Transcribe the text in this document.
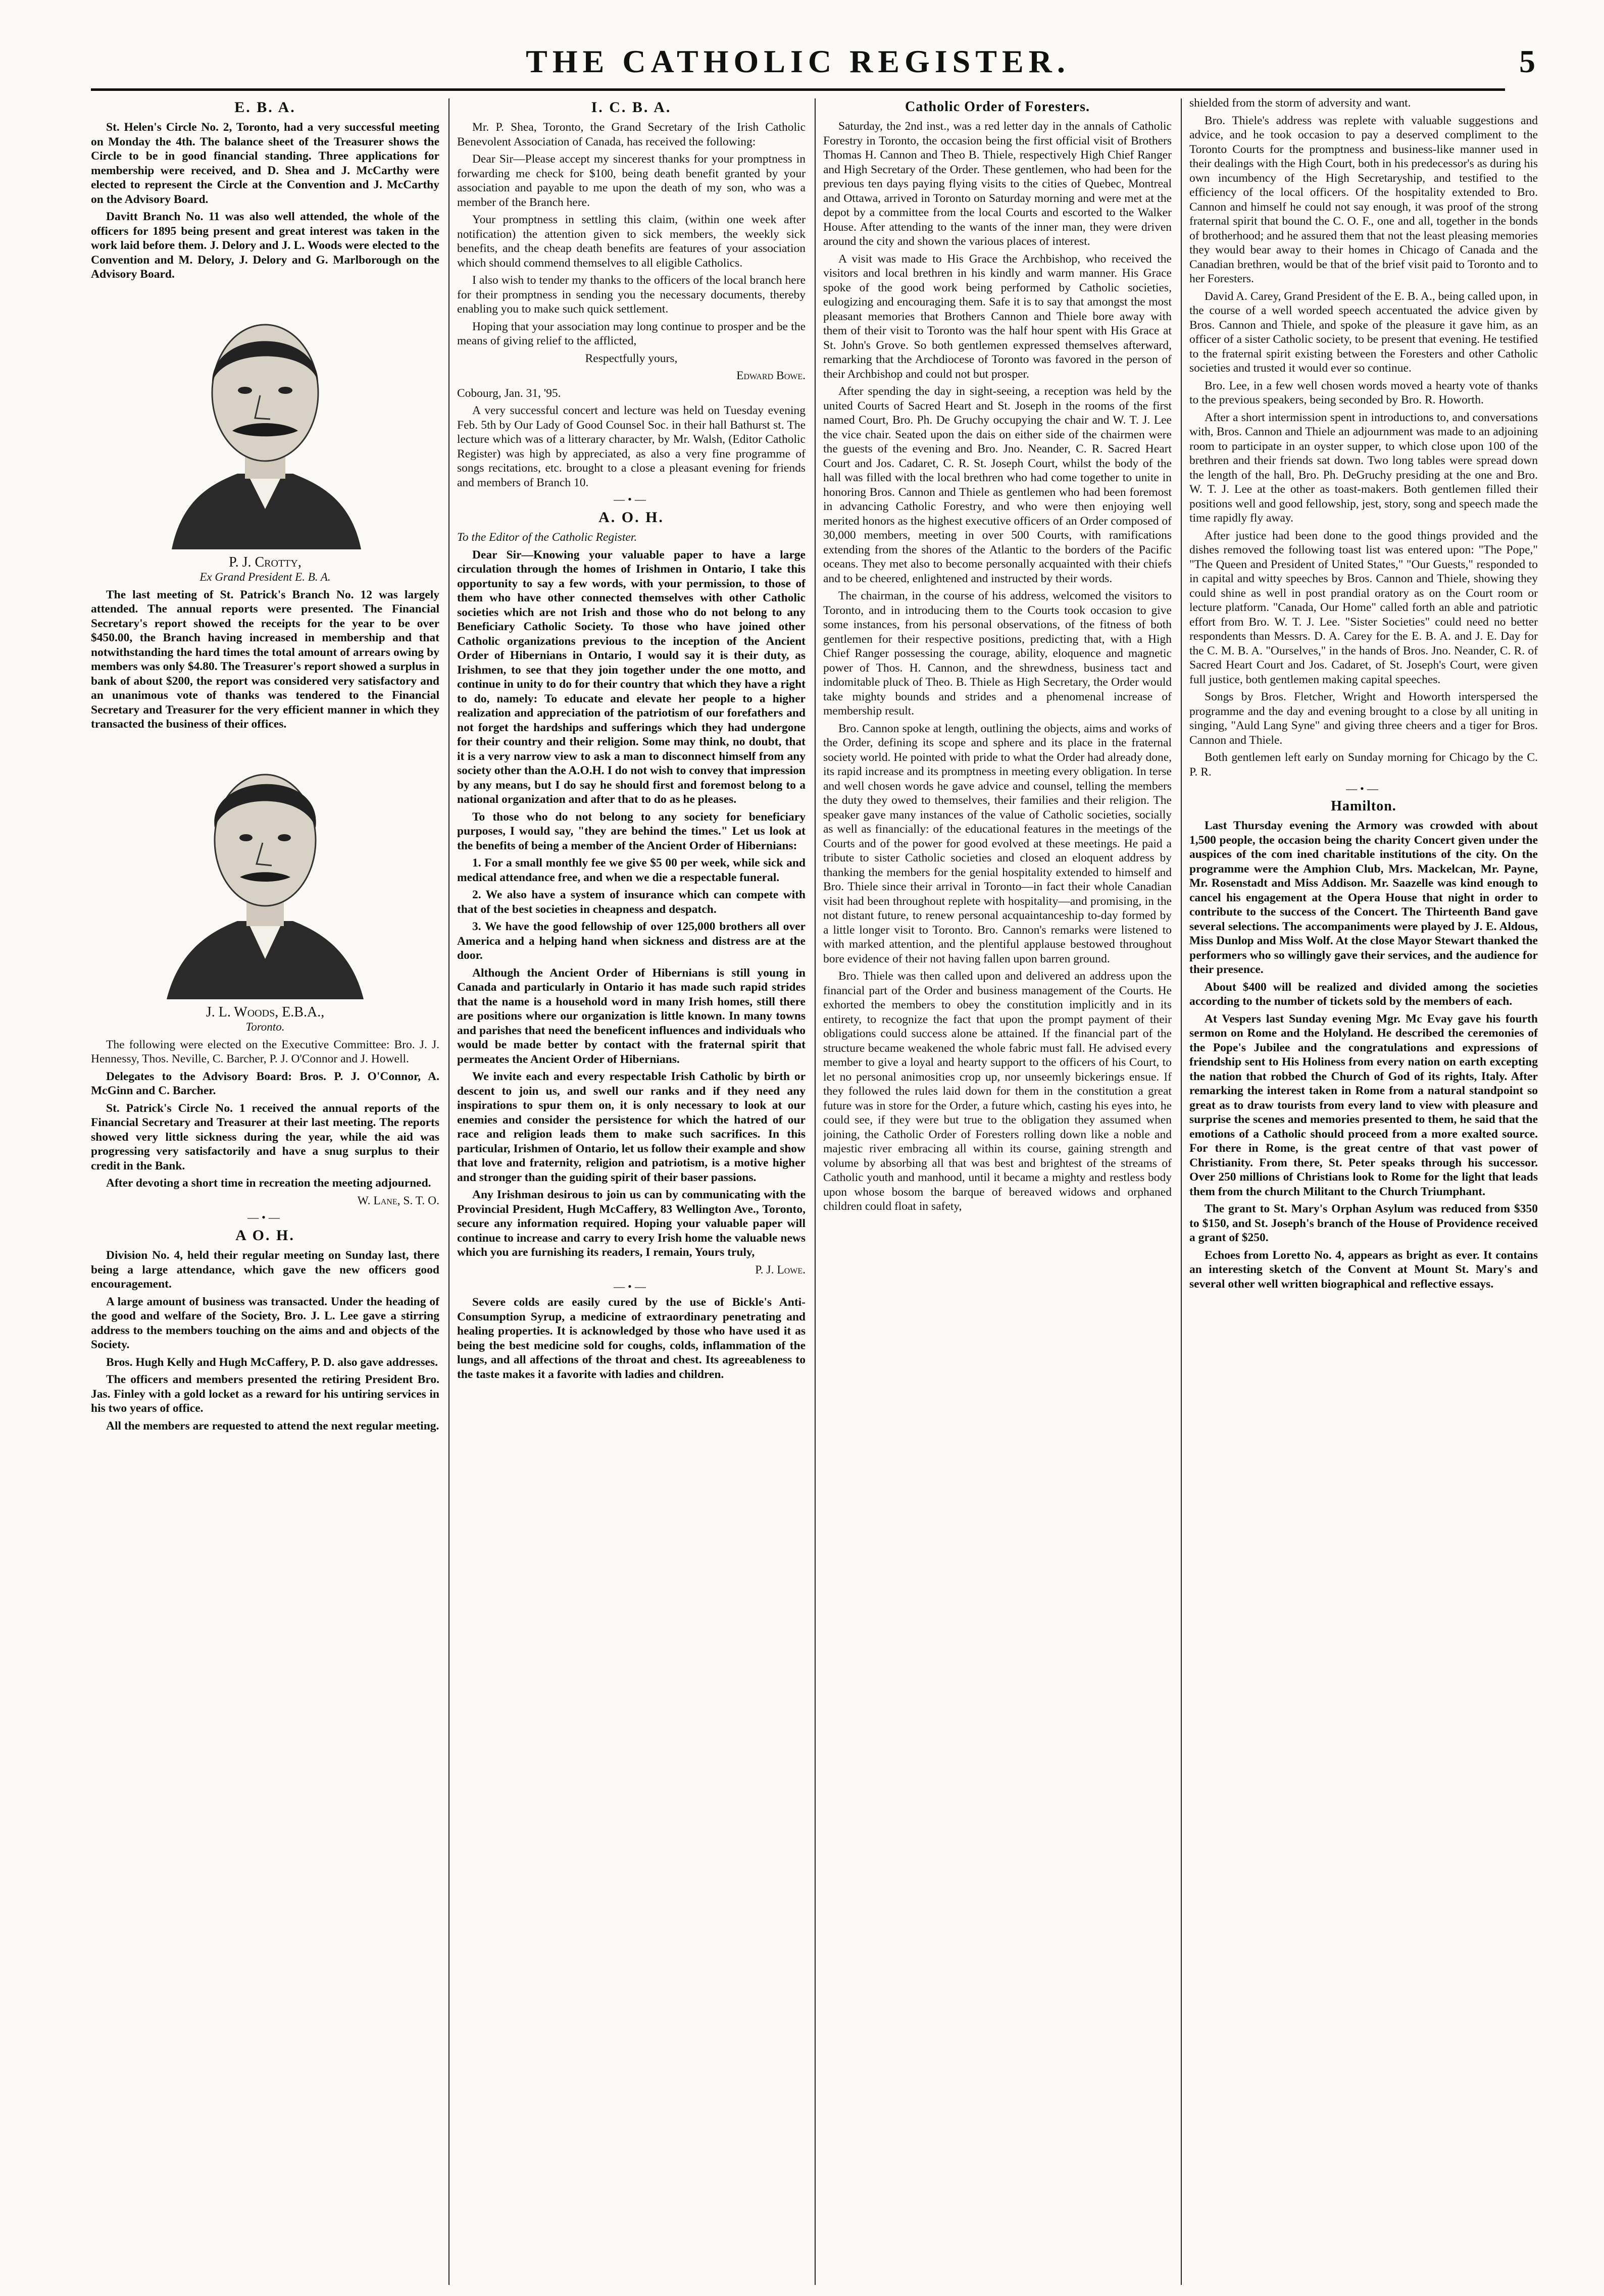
THE CATHOLIC REGISTER.	5
E. B. A.

St. Helen's Circle No. 2, Toronto, had a very successful meeting on Monday the 4th. The balance sheet of the Treasurer shows the Circle to be in good financial standing. Three applications for membership were received, and D. Shea and J. McCarthy were elected to represent the Circle at the Convention and J. McCarthy on the Advisory Board.

Davitt Branch No. 11 was also well attended, the whole of the officers for 1895 being present and great interest was taken in the work laid before them. J. Delory and J. L. Woods were elected to the Convention and M. Delory, J. Delory and G. Marlborough on the Advisory Board.

P. J. Crotty,
Ex Grand President E. B. A.

The last meeting of St. Patrick's Branch No. 12 was largely attended. The annual reports were presented. The Financial Secretary's report showed the receipts for the year to be over $450.00, the Branch having increased in membership and that notwithstanding the hard times the total amount of arrears owing by members was only $4.80. The Treasurer's report showed a surplus in bank of about $200, the report was considered very satisfactory and an unanimous vote of thanks was tendered to the Financial Secretary and Treasurer for the very efficient manner in which they transacted the business of their offices.

J. L. Woods, E.B.A.,
Toronto.

The following were elected on the Executive Committee: Bro. J. J. Hennessy, Thos. Neville, C. Barcher, P. J. O'Connor and J. Howell.

Delegates to the Advisory Board: Bros. P. J. O'Connor, A. McGinn and C. Barcher.

St. Patrick's Circle No. 1 received the annual reports of the Financial Secretary and Treasurer at their last meeting. The reports showed very little sickness during the year, while the aid was progressing very satisfactorily and have a snug surplus to their credit in the Bank.

After devoting a short time in recreation the meeting adjourned.

W. Lane, S. T. O.

—•—
A O. H.

Division No. 4, held their regular meeting on Sunday last, there being a large attendance, which gave the new officers good encouragement.

A large amount of business was transacted. Under the heading of the good and welfare of the Society, Bro. J. L. Lee gave a stirring address to the members touching on the aims and and objects of the Society.

Bros. Hugh Kelly and Hugh McCaffery, P. D. also gave addresses.

The officers and members presented the retiring President Bro. Jas. Finley with a gold locket as a reward for his untiring services in his two years of office.

All the members are requested to attend the next regular meeting.

I. C. B. A.

Mr. P. Shea, Toronto, the Grand Secretary of the Irish Catholic Benevolent Association of Canada, has received the following:

Dear Sir—Please accept my sincerest thanks for your promptness in forwarding me check for $100, being death benefit granted by your association and payable to me upon the death of my son, who was a member of the Branch here.

Your promptness in settling this claim, (within one week after notification) the attention given to sick members, the weekly sick benefits, and the cheap death benefits are features of your association which should commend themselves to all eligible Catholics.

I also wish to tender my thanks to the officers of the local branch here for their promptness in sending you the necessary documents, thereby enabling you to make such quick settlement.

Hoping that your association may long continue to prosper and be the means of giving relief to the afflicted,

Respectfully yours,

Edward Bowe.

Cobourg, Jan. 31, '95.

A very successful concert and lecture was held on Tuesday evening Feb. 5th by Our Lady of Good Counsel Soc. in their hall Bathurst st. The lecture which was of a litterary character, by Mr. Walsh, (Editor Catholic Register) was high by appreciated, as also a very fine programme of songs recitations, etc. brought to a close a pleasant evening for friends and members of Branch 10.

—•—
A. O. H.

To the Editor of the Catholic Register.

Dear Sir—Knowing your valuable paper to have a large circulation through the homes of Irishmen in Ontario, I take this opportunity to say a few words, with your permission, to those of them who have other connected themselves with other Catholic societies which are not Irish and those who do not belong to any Beneficiary Catholic Society. To those who have joined other Catholic organizations previous to the inception of the Ancient Order of Hibernians in Ontario, I would say it is their duty, as Irishmen, to see that they join together under the one motto, and continue in unity to do for their country that which they have a right to do, namely: To educate and elevate her people to a higher realization and appreciation of the patriotism of our forefathers and not forget the hardships and sufferings which they had undergone for their country and their religion. Some may think, no doubt, that it is a very narrow view to ask a man to disconnect himself from any society other than the A.O.H. I do not wish to convey that impression by any means, but I do say he should first and foremost belong to a national organization and after that to do as he pleases.

To those who do not belong to any society for beneficiary purposes, I would say, "they are behind the times." Let us look at the benefits of being a member of the Ancient Order of Hibernians:

1. For a small monthly fee we give $5 00 per week, while sick and medical attendance free, and when we die a respectable funeral.

2. We also have a system of insurance which can compete with that of the best societies in cheapness and despatch.

3. We have the good fellowship of over 125,000 brothers all over America and a helping hand when sickness and distress are at the door.

Although the Ancient Order of Hibernians is still young in Canada and particularly in Ontario it has made such rapid strides that the name is a household word in many Irish homes, still there are positions where our organization is little known. In many towns and parishes that need the beneficent influences and individuals who would be made better by contact with the fraternal spirit that permeates the Ancient Order of Hibernians.

We invite each and every respectable Irish Catholic by birth or descent to join us, and swell our ranks and if they need any inspirations to spur them on, it is only necessary to look at our enemies and consider the persistence for which the hatred of our race and religion leads them to make such sacrifices. In this particular, Irishmen of Ontario, let us follow their example and show that love and fraternity, religion and patriotism, is a motive higher and stronger than the guiding spirit of their baser passions.

Any Irishman desirous to join us can by communicating with the Provincial President, Hugh McCaffery, 83 Wellington Ave., Toronto, secure any information required. Hoping your valuable paper will continue to increase and carry to every Irish home the valuable news which you are furnishing its readers, I remain, Yours truly,

P. J. Lowe.

—•—

Severe colds are easily cured by the use of Bickle's Anti-Consumption Syrup, a medicine of extraordinary penetrating and healing properties. It is acknowledged by those who have used it as being the best medicine sold for coughs, colds, inflammation of the lungs, and all affections of the throat and chest. Its agreeableness to the taste makes it a favorite with ladies and children.

Catholic Order of Foresters.

Saturday, the 2nd inst., was a red letter day in the annals of Catholic Forestry in Toronto, the occasion being the first official visit of Brothers Thomas H. Cannon and Theo B. Thiele, respectively High Chief Ranger and High Secretary of the Order. These gentlemen, who had been for the previous ten days paying flying visits to the cities of Quebec, Montreal and Ottawa, arrived in Toronto on Saturday morning and were met at the depot by a committee from the local Courts and escorted to the Walker House. After attending to the wants of the inner man, they were driven around the city and shown the various places of interest.

A visit was made to His Grace the Archbishop, who received the visitors and local brethren in his kindly and warm manner. His Grace spoke of the good work being performed by Catholic societies, eulogizing and encouraging them. Safe it is to say that amongst the most pleasant memories that Brothers Cannon and Thiele bore away with them of their visit to Toronto was the half hour spent with His Grace at St. John's Grove. So both gentlemen expressed themselves afterward, remarking that the Archdiocese of Toronto was favored in the person of their Archbishop and could not but prosper.

After spending the day in sight-seeing, a reception was held by the united Courts of Sacred Heart and St. Joseph in the rooms of the first named Court, Bro. Ph. De Gruchy occupying the chair and W. T. J. Lee the vice chair. Seated upon the dais on either side of the chairmen were the guests of the evening and Bro. Jno. Neander, C. R. Sacred Heart Court and Jos. Cadaret, C. R. St. Joseph Court, whilst the body of the hall was filled with the local brethren who had come together to unite in honoring Bros. Cannon and Thiele as gentlemen who had been foremost in advancing Catholic Forestry, and who were then enjoying well merited honors as the highest executive officers of an Order composed of 30,000 members, meeting in over 500 Courts, with ramifications extending from the shores of the Atlantic to the borders of the Pacific oceans. They met also to become personally acquainted with their chiefs and to be cheered, enlightened and instructed by their words.

The chairman, in the course of his address, welcomed the visitors to Toronto, and in introducing them to the Courts took occasion to give some instances, from his personal observations, of the fitness of both gentlemen for their respective positions, predicting that, with a High Chief Ranger possessing the courage, ability, eloquence and magnetic power of Thos. H. Cannon, and the shrewdness, business tact and indomitable pluck of Theo. B. Thiele as High Secretary, the Order would take mighty bounds and strides and a phenomenal increase of membership result.

Bro. Cannon spoke at length, outlining the objects, aims and works of the Order, defining its scope and sphere and its place in the fraternal society world. He pointed with pride to what the Order had already done, its rapid increase and its promptness in meeting every obligation. In terse and well chosen words he gave advice and counsel, telling the members the duty they owed to themselves, their families and their religion. The speaker gave many instances of the value of Catholic societies, socially as well as financially: of the educational features in the meetings of the Courts and of the power for good evolved at these meetings. He paid a tribute to sister Catholic societies and closed an eloquent address by thanking the members for the genial hospitality extended to himself and Bro. Thiele since their arrival in Toronto—in fact their whole Canadian visit had been throughout replete with hospitality—and promising, in the not distant future, to renew personal acquaintanceship to-day formed by a little longer visit to Toronto. Bro. Cannon's remarks were listened to with marked attention, and the plentiful applause bestowed throughout bore evidence of their not having fallen upon barren ground.

Bro. Thiele was then called upon and delivered an address upon the financial part of the Order and business management of the Courts. He exhorted the members to obey the constitution implicitly and in its entirety, to recognize the fact that upon the prompt payment of their obligations could success alone be attained. If the financial part of the structure became weakened the whole fabric must fall. He advised every member to give a loyal and hearty support to the officers of his Court, to let no personal animosities crop up, nor unseemly bickerings ensue. If they followed the rules laid down for them in the constitution a great future was in store for the Order, a future which, casting his eyes into, he could see, if they were but true to the obligation they assumed when joining, the Catholic Order of Foresters rolling down like a noble and majestic river embracing all within its course, gaining strength and volume by absorbing all that was best and brightest of the streams of Catholic youth and manhood, until it became a mighty and restless body upon whose bosom the barque of bereaved widows and orphaned children could float in safety,

shielded from the storm of adversity and want.

Bro. Thiele's address was replete with valuable suggestions and advice, and he took occasion to pay a deserved compliment to the Toronto Courts for the promptness and business-like manner used in their dealings with the High Court, both in his predecessor's as during his own incumbency of the High Secretaryship, and testified to the efficiency of the local officers. Of the hospitality extended to Bro. Cannon and himself he could not say enough, it was proof of the strong fraternal spirit that bound the C. O. F., one and all, together in the bonds of brotherhood; and he assured them that not the least pleasing memories they would bear away to their homes in Chicago of Canada and the Canadian brethren, would be that of the brief visit paid to Toronto and to her Foresters.

David A. Carey, Grand President of the E. B. A., being called upon, in the course of a well worded speech accentuated the advice given by Bros. Cannon and Thiele, and spoke of the pleasure it gave him, as an officer of a sister Catholic society, to be present that evening. He testified to the fraternal spirit existing between the Foresters and other Catholic societies and trusted it would ever so continue.

Bro. Lee, in a few well chosen words moved a hearty vote of thanks to the previous speakers, being seconded by Bro. R. Howorth.

After a short intermission spent in introductions to, and conversations with, Bros. Cannon and Thiele an adjournment was made to an adjoining room to participate in an oyster supper, to which close upon 100 of the brethren and their friends sat down. Two long tables were spread down the length of the hall, Bro. Ph. DeGruchy presiding at the one and Bro. W. T. J. Lee at the other as toast-makers. Both gentlemen filled their positions well and good fellowship, jest, story, song and speech made the time rapidly fly away.

After justice had been done to the good things provided and the dishes removed the following toast list was entered upon: "The Pope," "The Queen and President of United States," "Our Guests," responded to in capital and witty speeches by Bros. Cannon and Thiele, showing they could shine as well in post prandial oratory as on the Court room or lecture platform. "Canada, Our Home" called forth an able and patriotic effort from Bro. W. T. J. Lee. "Sister Societies" could need no better respondents than Messrs. D. A. Carey for the E. B. A. and J. E. Day for the C. M. B. A. "Ourselves," in the hands of Bros. Jno. Neander, C. R. of Sacred Heart Court and Jos. Cadaret, of St. Joseph's Court, were given full justice, both gentlemen making capital speeches.

Songs by Bros. Fletcher, Wright and Howorth interspersed the programme and the day and evening brought to a close by all uniting in singing, "Auld Lang Syne" and giving three cheers and a tiger for Bros. Cannon and Thiele.

Both gentlemen left early on Sunday morning for Chicago by the C. P. R.

—•—
Hamilton.

Last Thursday evening the Armory was crowded with about 1,500 people, the occasion being the charity Concert given under the auspices of the com ined charitable institutions of the city. On the programme were the Amphion Club, Mrs. Mackelcan, Mr. Payne, Mr. Rosenstadt and Miss Addison. Mr. Saazelle was kind enough to cancel his engagement at the Opera House that night in order to contribute to the success of the Concert. The Thirteenth Band gave several selections. The accompaniments were played by J. E. Aldous, Miss Dunlop and Miss Wolf. At the close Mayor Stewart thanked the performers who so willingly gave their services, and the audience for their presence.

About $400 will be realized and divided among the societies according to the number of tickets sold by the members of each.

At Vespers last Sunday evening Mgr. Mc Evay gave his fourth sermon on Rome and the Holyland. He described the ceremonies of the Pope's Jubilee and the congratulations and expressions of friendship sent to His Holiness from every nation on earth excepting the nation that robbed the Church of God of its rights, Italy. After remarking the interest taken in Rome from a natural standpoint so great as to draw tourists from every land to view with pleasure and surprise the scenes and memories presented to them, he said that the emotions of a Catholic should proceed from a more exalted source. For there in Rome, is the great centre of that vast power of Christianity. From there, St. Peter speaks through his successor. Over 250 millions of Christians look to Rome for the light that leads them from the church Militant to the Church Triumphant.

The grant to St. Mary's Orphan Asylum was reduced from $350 to $150, and St. Joseph's branch of the House of Providence received a grant of $250.

Echoes from Loretto No. 4, appears as bright as ever. It contains an interesting sketch of the Convent at Mount St. Mary's and several other well written biographical and reflective essays.
